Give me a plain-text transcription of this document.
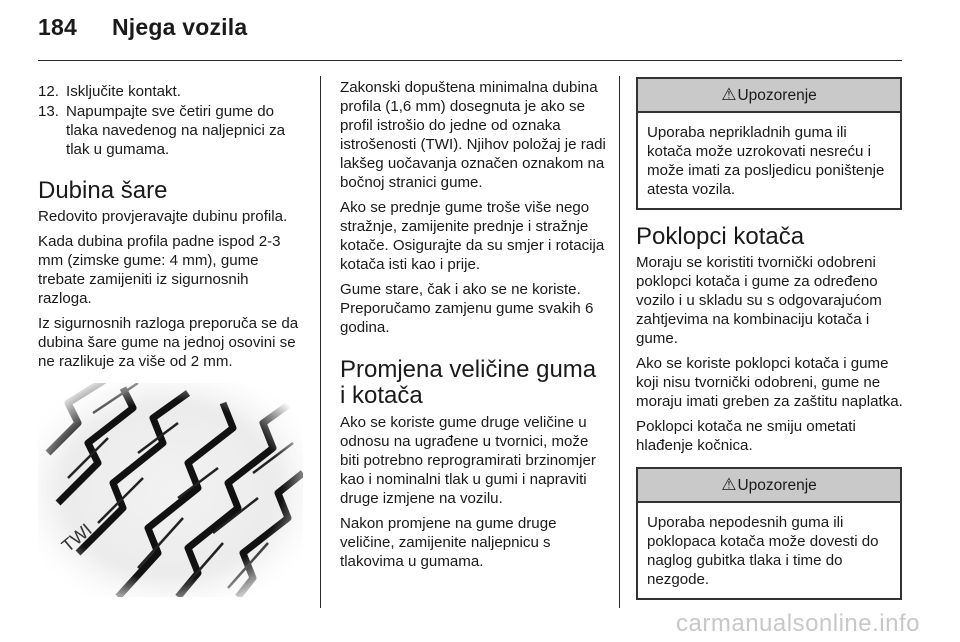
184 Njega vozila
12. Isključite kontakt.
13. Napumpajte sve četiri gume do tlaka navedenog na naljepnici za tlak u gumama.
Dubina šare

Redovito provjeravajte dubinu profila.

Kada dubina profila padne ispod 2-3 mm (zimske gume: 4 mm), gume trebate zamijeniti iz sigurnosnih razloga.

Iz sigurnosnih razloga preporuča se da dubina šare gume na jednoj osovini se ne razlikuje za više od 2 mm.

TWI

Zakonski dopuštena minimalna dubina profila (1,6 mm) dosegnuta je ako se profil istrošio do jedne od oznaka istrošenosti (TWI). Njihov položaj je radi lakšeg uočavanja označen oznakom na bočnoj stranici gume.

Ako se prednje gume troše više nego stražnje, zamijenite prednje i stražnje kotače. Osigurajte da su smjer i rotacija kotača isti kao i prije.

Gume stare, čak i ako se ne koriste. Preporučamo zamjenu gume svakih 6 godina.

Promjena veličine guma i kotača

Ako se koriste gume druge veličine u odnosu na ugrađene u tvornici, može biti potrebno reprogramirati brzinomjer kao i nominalni tlak u gumi i napraviti druge izmjene na vozilu.

Nakon promjene na gume druge veličine, zamijenite naljepnicu s tlakovima u gumama.

⚠Upozorenje
Uporaba neprikladnih guma ili kotača može uzrokovati nesreću i može imati za posljedicu poništenje atesta vozila.
Poklopci kotača

Moraju se koristiti tvornički odobreni poklopci kotača i gume za određeno vozilo i u skladu su s odgovarajućom zahtjevima na kombinaciju kotača i gume.

Ako se koriste poklopci kotača i gume koji nisu tvornički odobreni, gume ne moraju imati greben za zaštitu naplatka.

Poklopci kotača ne smiju ometati hlađenje kočnica.

⚠Upozorenje
Uporaba nepodesnih guma ili poklopaca kotača može dovesti do naglog gubitka tlaka i time do nezgode.
carmanualsonline.info
